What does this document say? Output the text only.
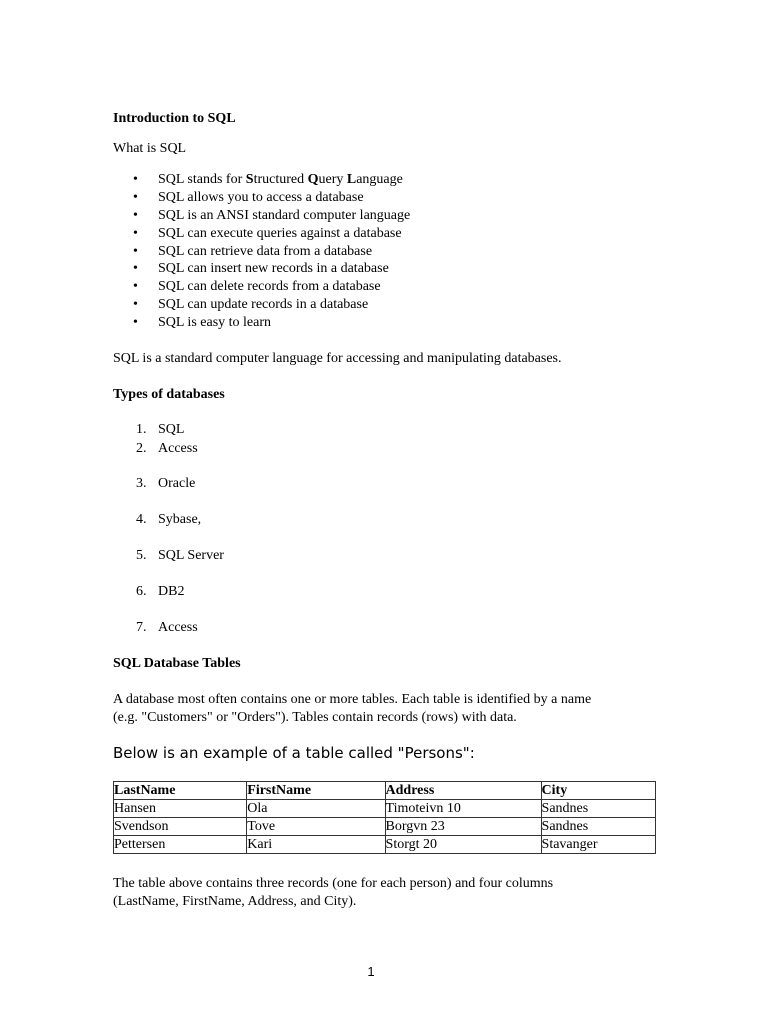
Introduction to SQL
What is SQL
•	SQL stands for Structured Query Language
•	SQL allows you to access a database
•	SQL is an ANSI standard computer language
•	SQL can execute queries against a database
•	SQL can retrieve data from a database
•	SQL can insert new records in a database
•	SQL can delete records from a database
•	SQL can update records in a database
•	SQL is easy to learn
SQL is a standard computer language for accessing and manipulating databases.
Types of databases
1. SQL
2. Access
3. Oracle
4. Sybase,
5. SQL Server
6. DB2
7. Access
SQL Database Tables
A database most often contains one or more tables. Each table is identified by a name
(e.g. "Customers" or "Orders"). Tables contain records (rows) with data.
Below is an example of a table called "Persons":
LastName	FirstName	Address	City
Hansen	Ola	Timoteivn 10	Sandnes
Svendson	Tove	Borgvn 23	Sandnes
Pettersen	Kari	Storgt 20	Stavanger
The table above contains three records (one for each person) and four columns
(LastName, FirstName, Address, and City).
1
